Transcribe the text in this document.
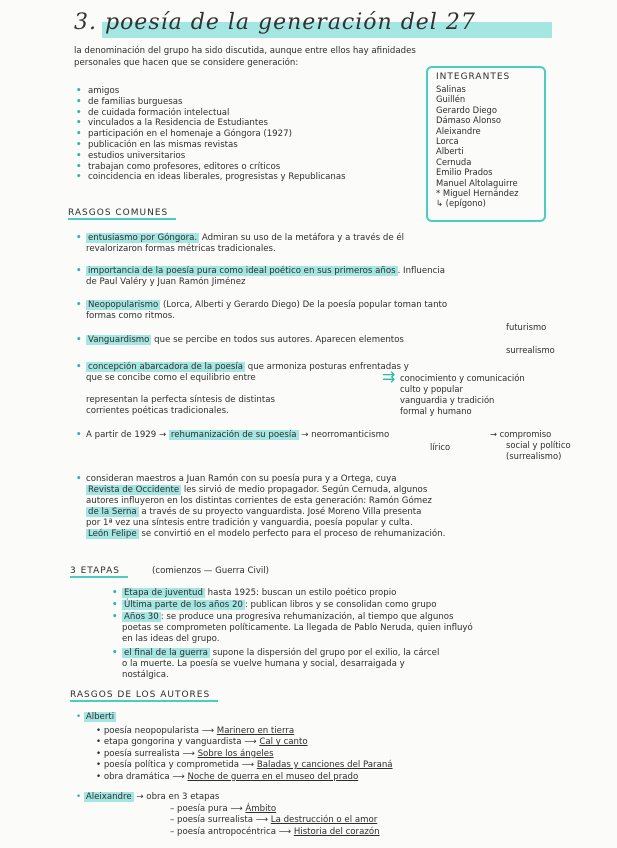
3. poesía de la generación del 27
la denominación del grupo ha sido discutida, aunque entre ellos hay afinidades
personales que hacen que se considere generación:
• amigos
• de familias burguesas
• de cuidada formación intelectual
• vinculados a la Residencia de Estudiantes
• participación en el homenaje a Góngora (1927)
• publicación en las mismas revistas
• estudios universitarios
• trabajan como profesores, editores o críticos
• coincidencia en ideas liberales, progresistas y Republicanas
INTEGRANTES
Salinas
Guillén
Gerardo Diego
Dámaso Alonso
Aleixandre
Lorca
Alberti
Cernuda
Emilio Prados
Manuel Altolaguirre
* Miguel Hernández
↳ (epígono)
RASGOS COMUNES
• entusiasmo por Góngora. Admiran su uso de la metáfora y a través de él
revalorizaron formas métricas tradicionales.
• importancia de la poesía pura como ideal poético en sus primeros años . Influencia
de Paul Valéry y Juan Ramón Jiménez
• Neopopularismo (Lorca, Alberti y Gerardo Diego) De la poesía popular toman tanto
formas como ritmos.
• Vanguardismo que se percibe en todos sus autores. Aparecen elementos
futurismo
surrealismo
• concepción abarcadora de la poesía que armoniza posturas enfrentadas y
que se concibe como el equilibrio entre

representan la perfecta síntesis de distintas
corrientes poéticas tradicionales.
⇉ conocimiento y comunicación
culto y popular
vanguardia y tradición
formal y humano
• A partir de 1929 → rehumanización de su poesía → neorromanticismo
lírico
→ compromiso
social y político
(surrealismo)
• consideran maestros a Juan Ramón con su poesía pura y a Ortega, cuya
Revista de Occidente les sirvió de medio propagador. Según Cernuda, algunos
autores influyeron en los distintas corrientes de esta generación: Ramón Gómez
de la Serna a través de su proyecto vanguardista. José Moreno Villa presenta
por 1ª vez una síntesis entre tradición y vanguardia, poesía popular y culta.
León Felipe se convirtió en el modelo perfecto para el proceso de rehumanización.
3 ETAPAS	(comienzos — Guerra Civil)
• Etapa de juventud hasta 1925: buscan un estilo poético propio
• Última parte de los años 20 : publican libros y se consolidan como grupo
• Años 30 : se produce una progresiva rehumanización, al tiempo que algunos
poetas se comprometen políticamente. La llegada de Pablo Neruda, quien influyó
en las ideas del grupo.
• el final de la guerra supone la dispersión del grupo por el exilio, la cárcel
o la muerte. La poesía se vuelve humana y social, desarraigada y
nostálgica.
RASGOS DE LOS AUTORES
• Alberti
• poesía neopopularista ⟶ Marinero en tierra
• etapa gongorina y vanguardista ⟶ Cal y canto
• poesía surrealista ⟶ Sobre los ángeles
• poesía política y comprometida ⟶ Baladas y canciones del Paraná
• obra dramática ⟶ Noche de guerra en el museo del prado
• Aleixandre → obra en 3 etapas
– poesía pura ⟶ Ámbito
– poesía surrealista ⟶ La destrucción o el amor
– poesía antropocéntrica ⟶ Historia del corazón
